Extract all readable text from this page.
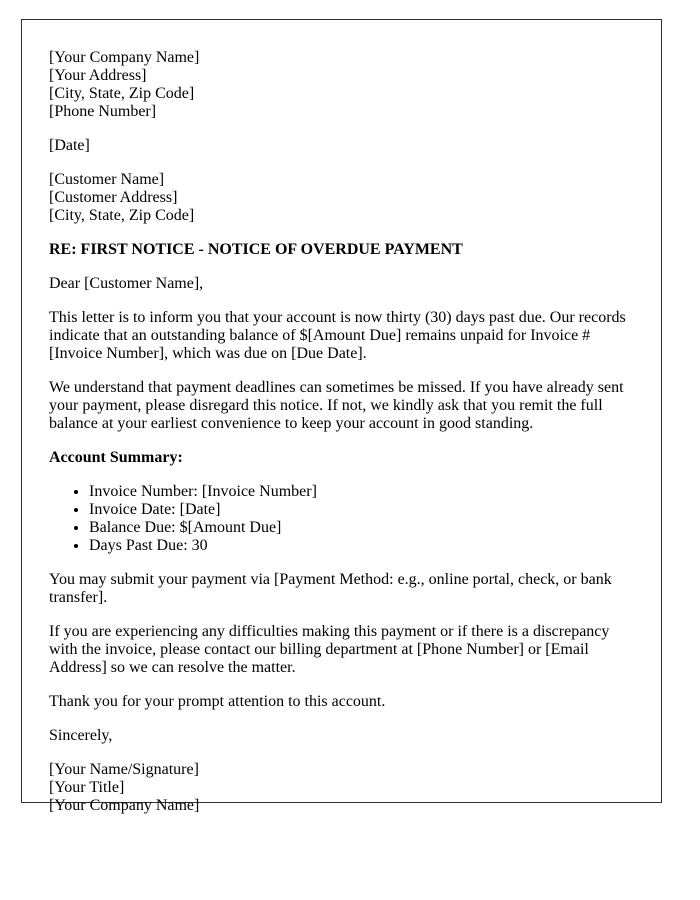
[Your Company Name]
[Your Address]
[City, State, Zip Code]
[Phone Number]

[Date]

[Customer Name]
[Customer Address]
[City, State, Zip Code]

RE: FIRST NOTICE - NOTICE OF OVERDUE PAYMENT

Dear [Customer Name],

This letter is to inform you that your account is now thirty (30) days past due. Our records indicate that an outstanding balance of $[Amount Due] remains unpaid for Invoice # [Invoice Number], which was due on [Due Date].

We understand that payment deadlines can sometimes be missed. If you have already sent your payment, please disregard this notice. If not, we kindly ask that you remit the full balance at your earliest convenience to keep your account in good standing.

Account Summary:

• Invoice Number: [Invoice Number]
• Invoice Date: [Date]
• Balance Due: $[Amount Due]
• Days Past Due: 30

You may submit your payment via [Payment Method: e.g., online portal, check, or bank transfer].

If you are experiencing any difficulties making this payment or if there is a discrepancy with the invoice, please contact our billing department at [Phone Number] or [Email Address] so we can resolve the matter.

Thank you for your prompt attention to this account.

Sincerely,

[Your Name/Signature]
[Your Title]
[Your Company Name]
